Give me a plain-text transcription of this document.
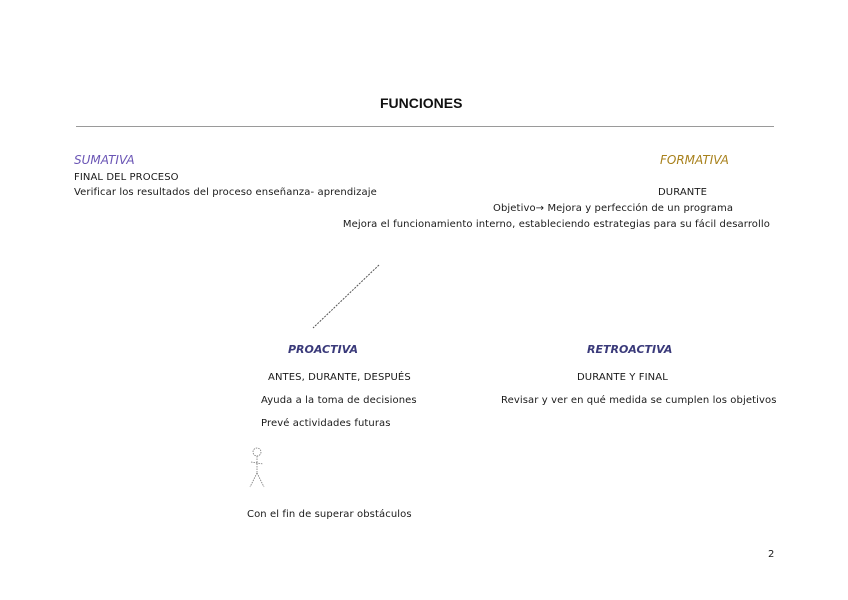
FUNCIONES
SUMATIVA
FINAL DEL PROCESO
Verificar los resultados del proceso enseñanza- aprendizaje
FORMATIVA
DURANTE
Objetivo→ Mejora y perfección de un programa
Mejora el funcionamiento interno, estableciendo estrategias para su fácil desarrollo
PROACTIVA
ANTES, DURANTE, DESPUÉS
Ayuda a la toma de decisiones
Prevé actividades futuras
Con el fin de superar obstáculos
RETROACTIVA
DURANTE Y FINAL
Revisar y ver en qué medida se cumplen los objetivos
2
